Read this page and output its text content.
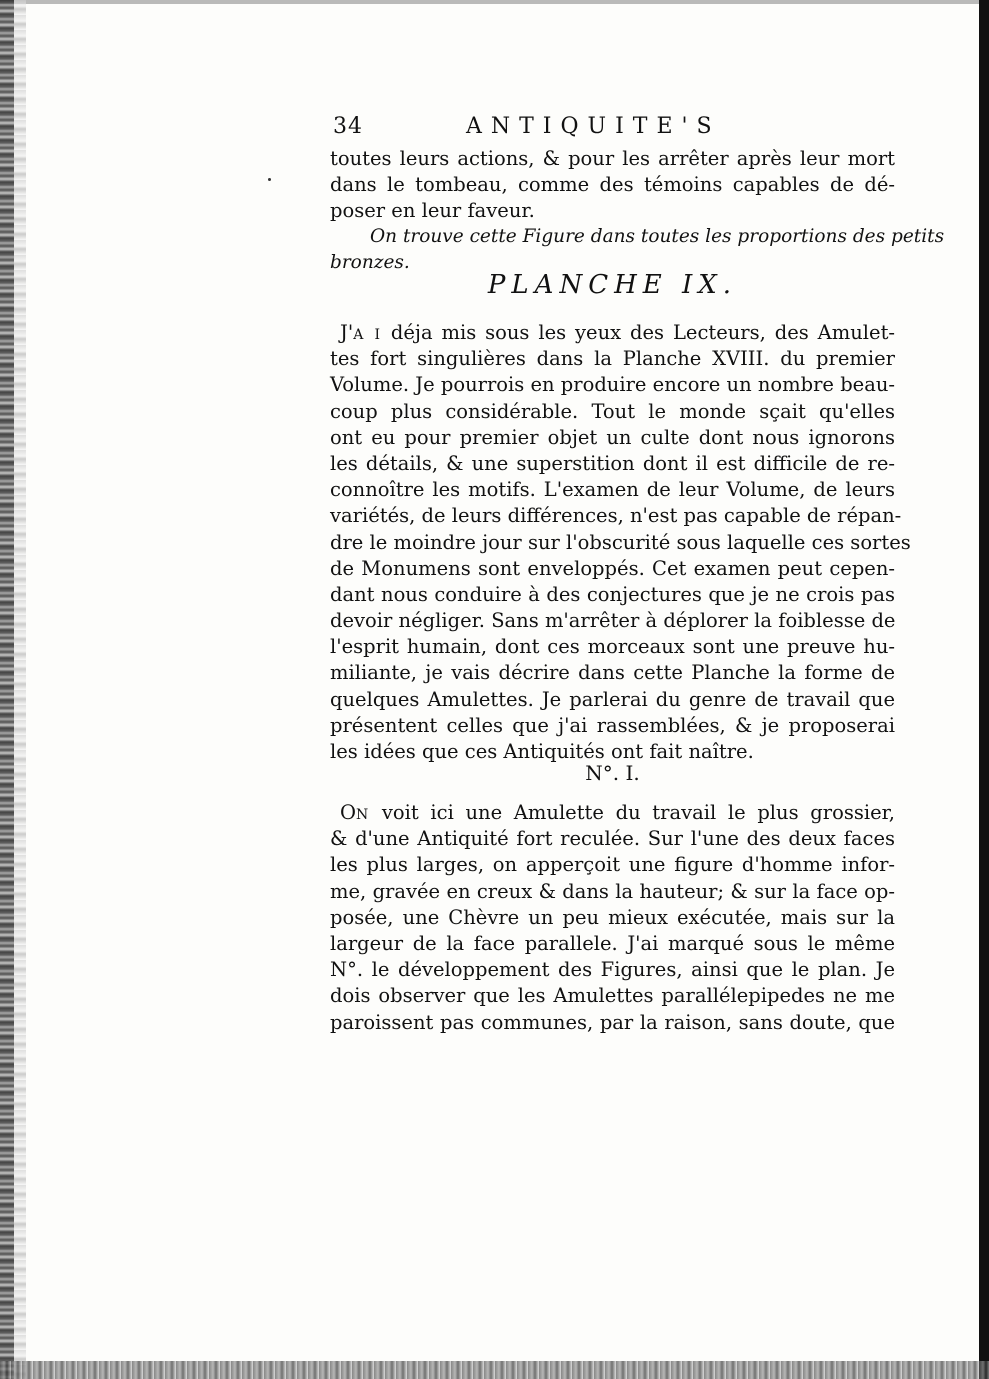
34	ANTIQUITE'S
toutes leurs actions, & pour les arrêter après leur mort
dans le tombeau, comme des témoins capables de dé-
poser en leur faveur.
On trouve cette Figure dans toutes les proportions des petits
bronzes.
PLANCHE IX.
J'A I déja mis sous les yeux des Lecteurs, des Amulet-
tes fort singulières dans la Planche XVIII. du premier
Volume. Je pourrois en produire encore un nombre beau-
coup plus considérable. Tout le monde sçait qu'elles
ont eu pour premier objet un culte dont nous ignorons
les détails, & une superstition dont il est difficile de re-
connoître les motifs. L'examen de leur Volume, de leurs
variétés, de leurs différences, n'est pas capable de répan-
dre le moindre jour sur l'obscurité sous laquelle ces sortes
de Monumens sont enveloppés. Cet examen peut cepen-
dant nous conduire à des conjectures que je ne crois pas
devoir négliger. Sans m'arrêter à déplorer la foiblesse de
l'esprit humain, dont ces morceaux sont une preuve hu-
miliante, je vais décrire dans cette Planche la forme de
quelques Amulettes. Je parlerai du genre de travail que
présentent celles que j'ai rassemblées, & je proposerai
les idées que ces Antiquités ont fait naître.
N°. I.
ON voit ici une Amulette du travail le plus grossier,
& d'une Antiquité fort reculée. Sur l'une des deux faces
les plus larges, on apperçoit une figure d'homme infor-
me, gravée en creux & dans la hauteur; & sur la face op-
posée, une Chèvre un peu mieux exécutée, mais sur la
largeur de la face parallele. J'ai marqué sous le même
N°. le développement des Figures, ainsi que le plan. Je
dois observer que les Amulettes parallélepipedes ne me
paroissent pas communes, par la raison, sans doute, que
